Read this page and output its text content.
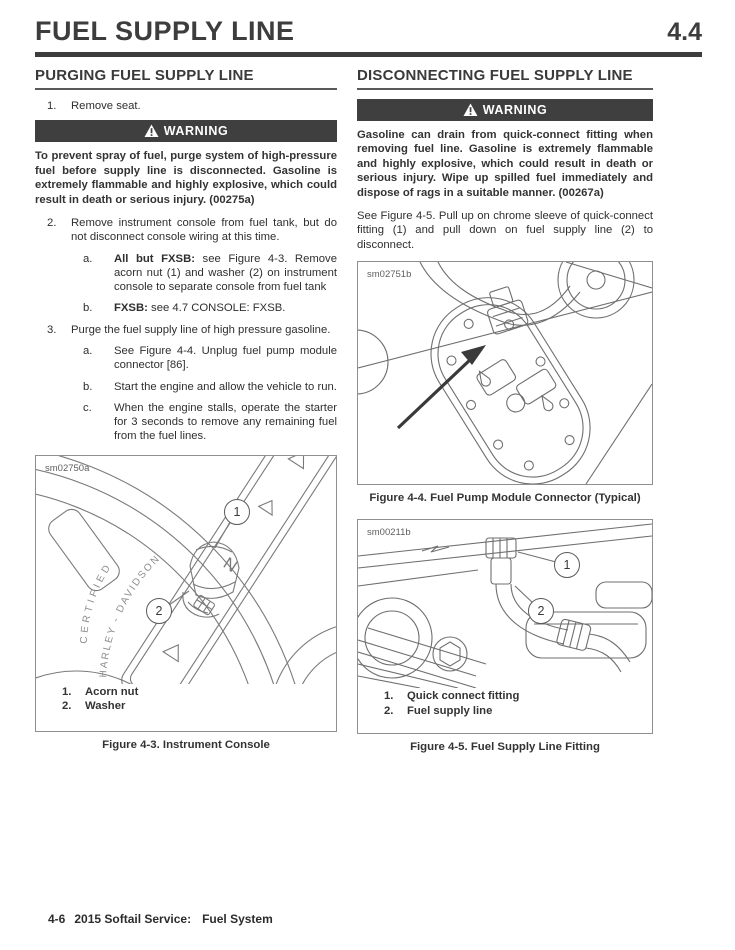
FUEL SUPPLY LINE	4.4
PURGING FUEL SUPPLY LINE
1.	Remove seat.
WARNING

To prevent spray of fuel, purge system of high-pressure fuel before supply line is disconnected. Gasoline is extremely flammable and highly explosive, which could result in death or serious injury. (00275a)

2.	Remove instrument console from fuel tank, but do not disconnect console wiring at this time.
a.	All but FXSB: see Figure 4-3. Remove acorn nut (1) and washer (2) on instrument console to separate console from fuel tank
b.	FXSB: see 4.7 CONSOLE: FXSB.
3.	Purge the fuel supply line of high pressure gasoline.
a.	See Figure 4-4. Unplug fuel pump module connector [86].
b.	Start the engine and allow the vehicle to run.
c.	When the engine stalls, operate the starter for 3 seconds to remove any remaining fuel from the fuel lines.
sm02750a
CERTIFIED
HARLEY - DAVIDSON	N
1
2
1.	Acorn nut
2.	Washer
Figure 4-3. Instrument Console
DISCONNECTING FUEL SUPPLY LINE
WARNING

Gasoline can drain from quick-connect fitting when removing fuel line. Gasoline is extremely flammable and highly explosive, which could result in death or serious injury. Wipe up spilled fuel immediately and dispose of rags in a suitable manner. (00267a)

See Figure 4-5. Pull up on chrome sleeve of quick-connect fitting (1) and pull down on fuel supply line (2) to disconnect.

sm02751b
Figure 4-4. Fuel Pump Module Connector (Typical)
sm00211b
1
2
1.	Quick connect fitting
2.	Fuel supply line
Figure 4-5. Fuel Supply Line Fitting
4-6 2015 Softail Service: Fuel System
